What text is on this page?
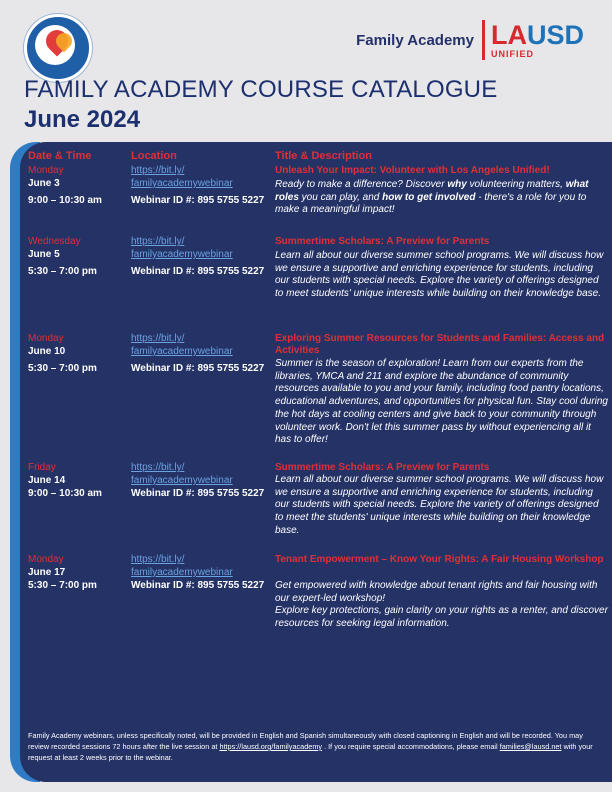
Family Academy LAUSD
UNIFIED
FAMILY ACADEMY COURSE CATALOGUE
June 2024
Date & Time	Location	Title & Description
Monday
June 3
9:00 – 10:30 am
https://bit.ly/
familyacademywebinar
Webinar ID #: 895 5755 5227
Unleash Your Impact: Volunteer with Los Angeles Unified!
Ready to make a difference? Discover why volunteering matters, what roles you can play, and how to get involved - there's a role for you to make a meaningful impact!
Wednesday
June 5
5:30 – 7:00 pm
https://bit.ly/
familyacademywebinar
Webinar ID #: 895 5755 5227
Summertime Scholars: A Preview for Parents
Learn all about our diverse summer school programs. We will discuss how we ensure a supportive and enriching experience for students, including our students with special needs. Explore the variety of offerings designed to meet students' unique interests while building on their knowledge base.
Monday
June 10
5:30 – 7:00 pm
https://bit.ly/
familyacademywebinar
Webinar ID #: 895 5755 5227
Exploring Summer Resources for Students and Families: Access and Activities
Summer is the season of exploration! Learn from our experts from the libraries, YMCA and 211 and explore the abundance of community resources available to you and your family, including food pantry locations, educational adventures, and opportunities for physical fun. Stay cool during the hot days at cooling centers and give back to your community through volunteer work. Don't let this summer pass by without experiencing all it has to offer!
Friday
June 14
9:00 – 10:30 am
https://bit.ly/
familyacademywebinar
Webinar ID #: 895 5755 5227
Summertime Scholars: A Preview for Parents
Learn all about our diverse summer school programs. We will discuss how we ensure a supportive and enriching experience for students, including our students with special needs. Explore the variety of offerings designed to meet the students' unique interests while building on their knowledge base.
Monday
June 17
5:30 – 7:00 pm
https://bit.ly/
familyacademywebinar
Webinar ID #: 895 5755 5227
Tenant Empowerment – Know Your Rights: A Fair Housing Workshop
Get empowered with knowledge about tenant rights and fair housing with our expert-led workshop!
Explore key protections, gain clarity on your rights as a renter, and discover resources for seeking legal information.
Family Academy webinars, unless specifically noted, will be provided in English and Spanish simultaneously with closed captioning in English and will be recorded. You may review recorded sessions 72 hours after the live session at https://lausd.org/familyacademy . If you require special accommodations, please email families@lausd.net with your request at least 2 weeks prior to the webinar.
